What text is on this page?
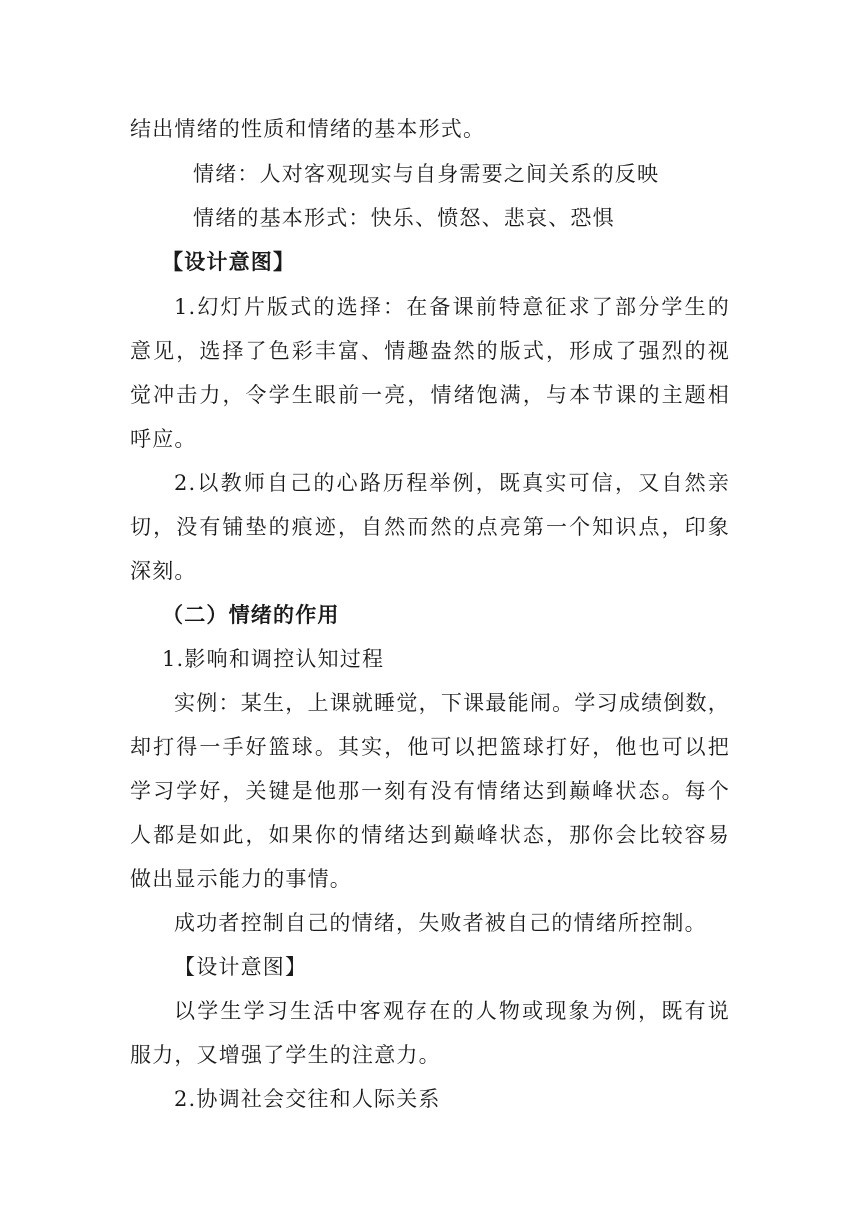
结出情绪的性质和情绪的基本形式。
情绪：人对客观现实与自身需要之间关系的反映
情绪的基本形式：快乐、愤怒、悲哀、恐惧
【设计意图】
1.幻灯片版式的选择：在备课前特意征求了部分学生的
意见，选择了色彩丰富、情趣盎然的版式，形成了强烈的视
觉冲击力，令学生眼前一亮，情绪饱满，与本节课的主题相
呼应。
2.以教师自己的心路历程举例，既真实可信，又自然亲
切，没有铺垫的痕迹，自然而然的点亮第一个知识点，印象
深刻。
（二）情绪的作用
1.影响和调控认知过程
实例：某生，上课就睡觉，下课最能闹。学习成绩倒数，
却打得一手好篮球。其实，他可以把篮球打好，他也可以把
学习学好，关键是他那一刻有没有情绪达到巅峰状态。每个
人都是如此，如果你的情绪达到巅峰状态，那你会比较容易
做出显示能力的事情。
成功者控制自己的情绪，失败者被自己的情绪所控制。
【设计意图】
以学生学习生活中客观存在的人物或现象为例，既有说
服力，又增强了学生的注意力。
2.协调社会交往和人际关系
